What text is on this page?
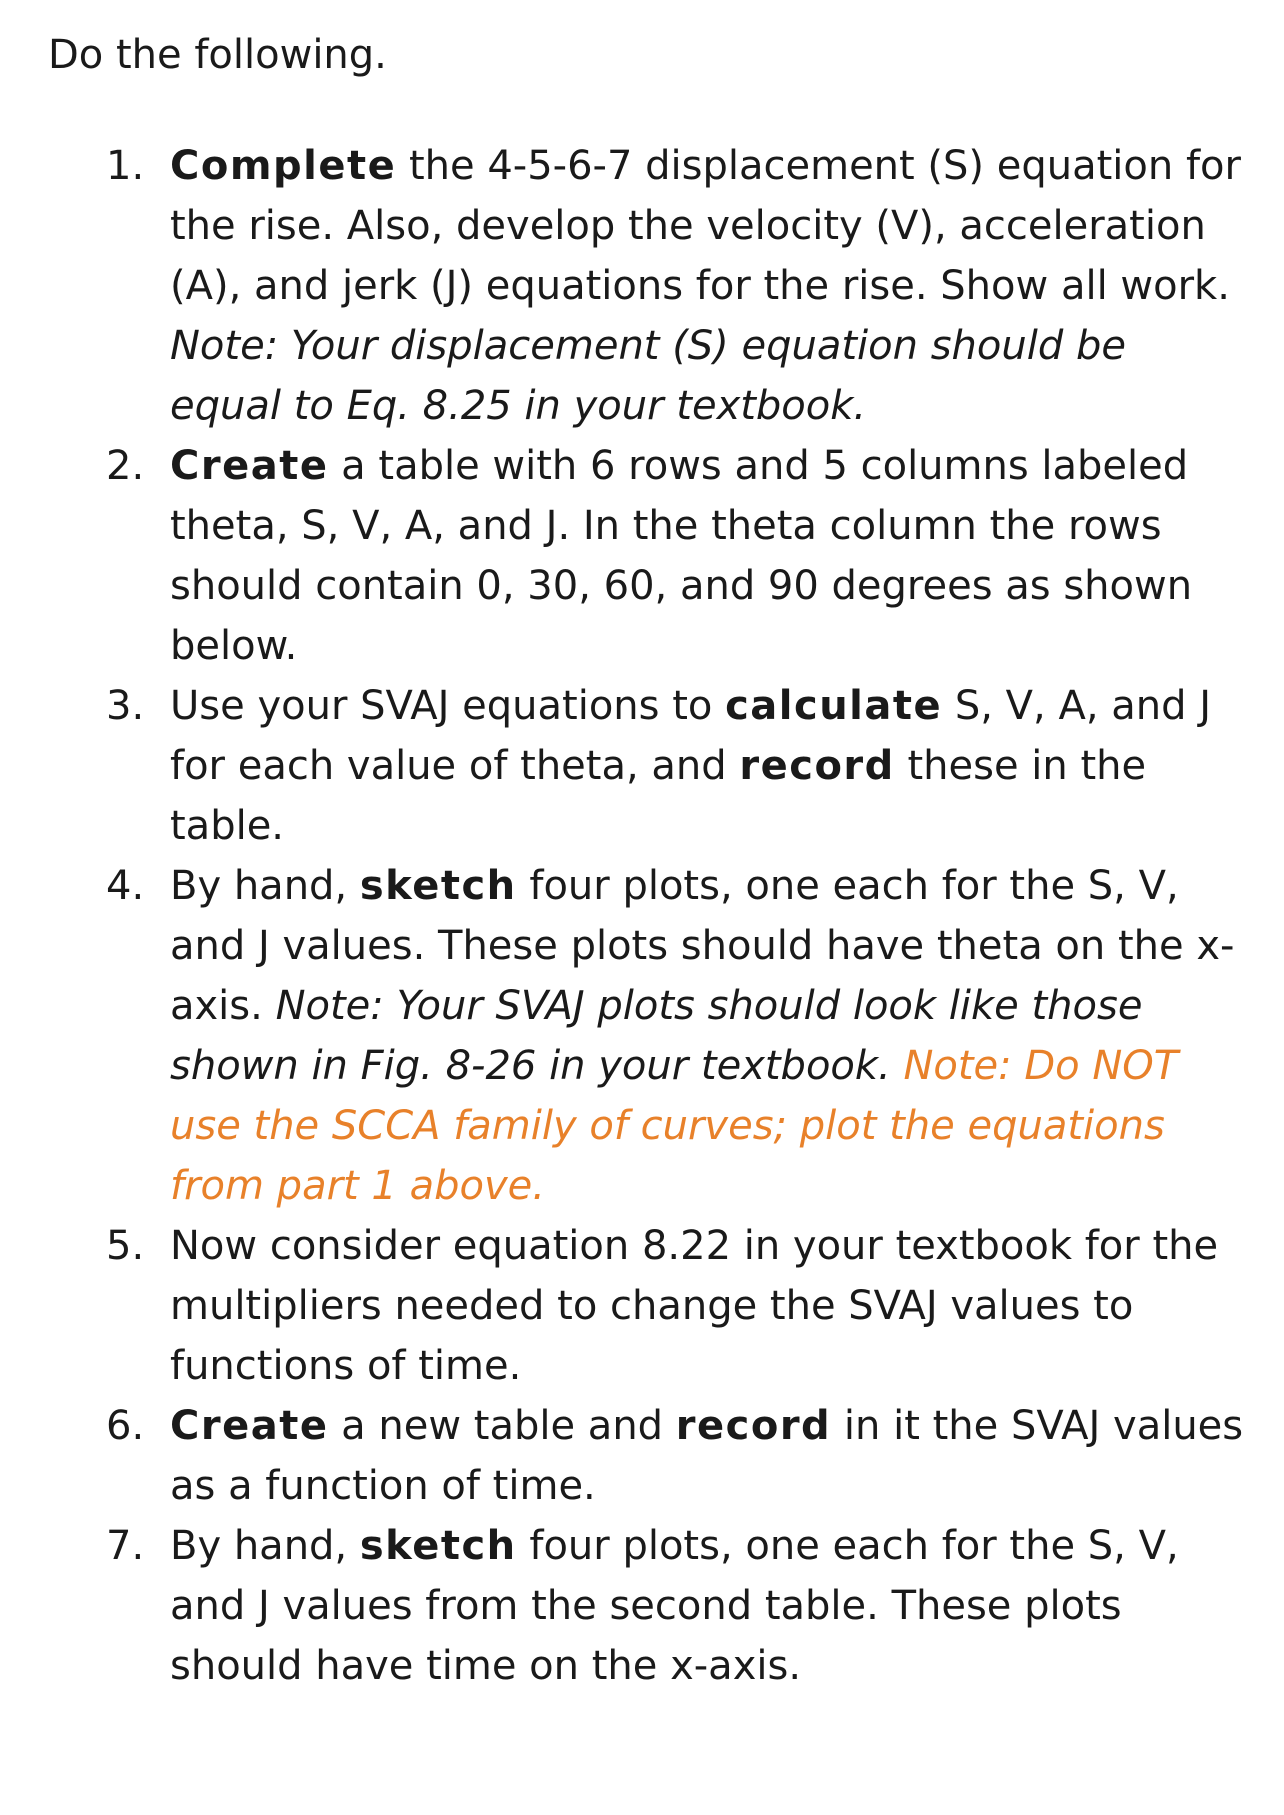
Do the following.
1. Complete the 4-5-6-7 displacement (S) equation for the rise. Also, develop the velocity (V), acceleration (A), and jerk (J) equations for the rise. Show all work. Note: Your displacement (S) equation should be equal to Eq. 8.25 in your textbook.
2. Create a table with 6 rows and 5 columns labeled theta, S, V, A, and J. In the theta column the rows should contain 0, 30, 60, and 90 degrees as shown below.
3. Use your SVAJ equations to calculate S, V, A, and J for each value of theta, and record these in the table.
4. By hand, sketch four plots, one each for the S, V, and J values. These plots should have theta on the x-axis. Note: Your SVAJ plots should look like those shown in Fig. 8-26 in your textbook. Note: Do NOT use the SCCA family of curves; plot the equations from part 1 above.
5. Now consider equation 8.22 in your textbook for the multipliers needed to change the SVAJ values to functions of time.
6. Create a new table and record in it the SVAJ values as a function of time.
7. By hand, sketch four plots, one each for the S, V, and J values from the second table. These plots should have time on the x-axis.
